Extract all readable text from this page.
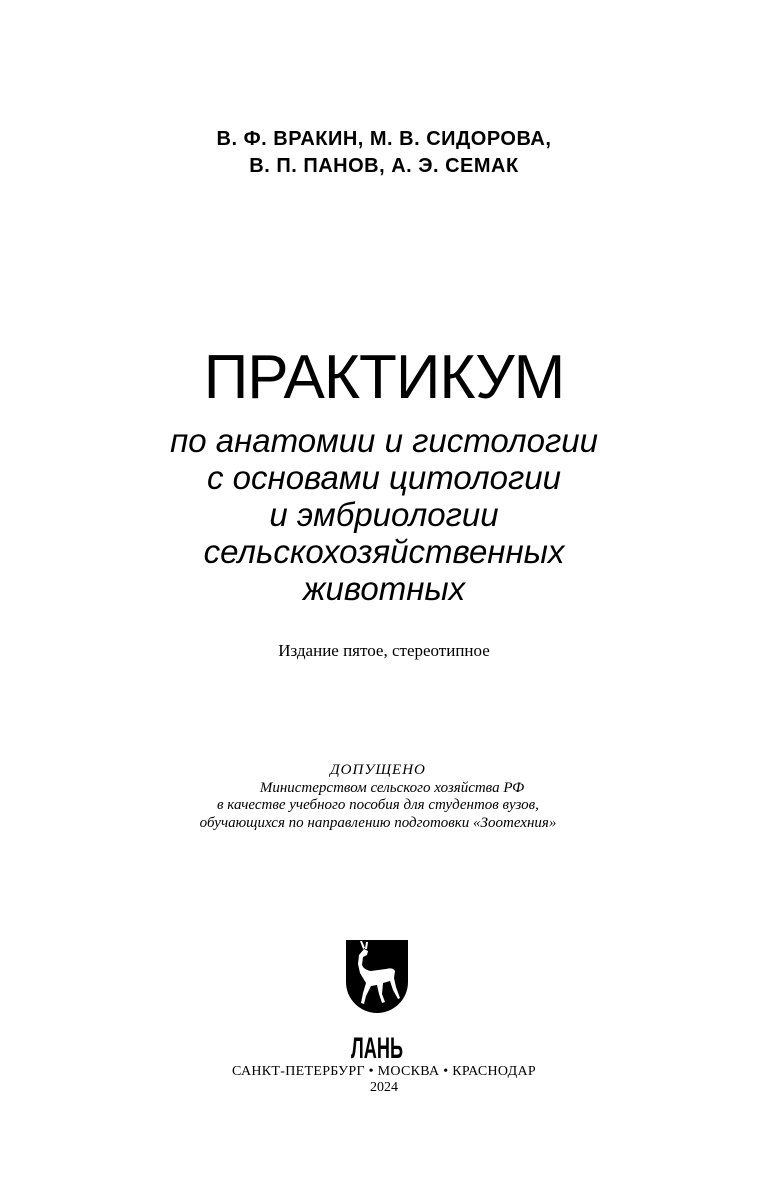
В. Ф. ВРАКИН, М. В. СИДОРОВА,
В. П. ПАНОВ, А. Э. СЕМАК
ПРАКТИКУМ
по анатомии и гистологии
с основами цитологии
и эмбриологии
сельскохозяйственных
животных
Издание пятое, стереотипное
ДОПУЩЕНО
Министерством сельского хозяйства РФ
в качестве учебного пособия для студентов вузов,
обучающихся по направлению подготовки «Зоотехния»
ЛАНЬ
САНКТ-ПЕТЕРБУРГ • МОСКВА • КРАСНОДАР
2024
